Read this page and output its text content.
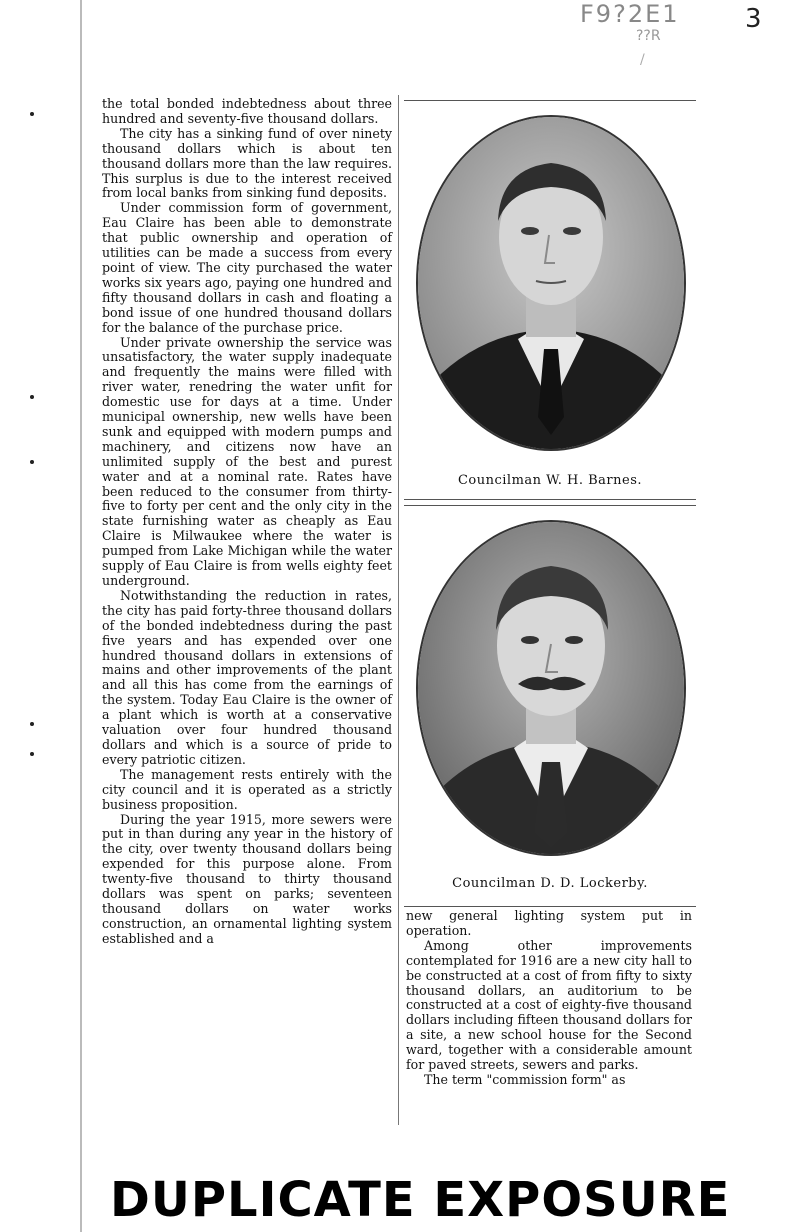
F9?2E1
??R
/
3

the total bonded indebtedness about three hundred and seventy-five thousand dollars.

The city has a sinking fund of over ninety thousand dollars which is about ten thousand dollars more than the law requires. This surplus is due to the interest received from local banks from sinking fund deposits.

Under commission form of government, Eau Claire has been able to demonstrate that public ownership and operation of utilities can be made a success from every point of view. The city purchased the water works six years ago, paying one hundred and fifty thousand dollars in cash and floating a bond issue of one hundred thousand dollars for the balance of the purchase price.

Under private ownership the service was unsatisfactory, the water supply inadequate and frequently the mains were filled with river water, renedring the water unfit for domestic use for days at a time. Under municipal ownership, new wells have been sunk and equipped with modern pumps and machinery, and citizens now have an unlimited supply of the best and purest water and at a nominal rate. Rates have been reduced to the consumer from thirty-five to forty per cent and the only city in the state furnishing water as cheaply as Eau Claire is Milwaukee where the water is pumped from Lake Michigan while the water supply of Eau Claire is from wells eighty feet underground.

Notwithstanding the reduction in rates, the city has paid forty-three thousand dollars of the bonded indebtedness during the past five years and has expended over one hundred thousand dollars in extensions of mains and other improvements of the plant and all this has come from the earnings of the system. Today Eau Claire is the owner of a plant which is worth at a conservative valuation over four hundred thousand dollars and which is a source of pride to every patriotic citizen.

The management rests entirely with the city council and it is operated as a strictly business proposition.

During the year 1915, more sewers were put in than during any year in the history of the city, over twenty thousand dollars being expended for this purpose alone. From twenty-five thousand to thirty thousand dollars was spent on parks; seventeen thousand dollars on water works construction, an ornamental lighting system established and a

Councilman W. H. Barnes.
Councilman D. D. Lockerby.

new general lighting system put in operation.

Among other improvements contemplated for 1916 are a new city hall to be constructed at a cost of from fifty to sixty thousand dollars, an auditorium to be constructed at a cost of eighty-five thousand dollars including fifteen thousand dollars for a site, a new school house for the Second ward, together with a considerable amount for paved streets, sewers and parks.

The term "commission form" as

DUPLICATE EXPOSURE
